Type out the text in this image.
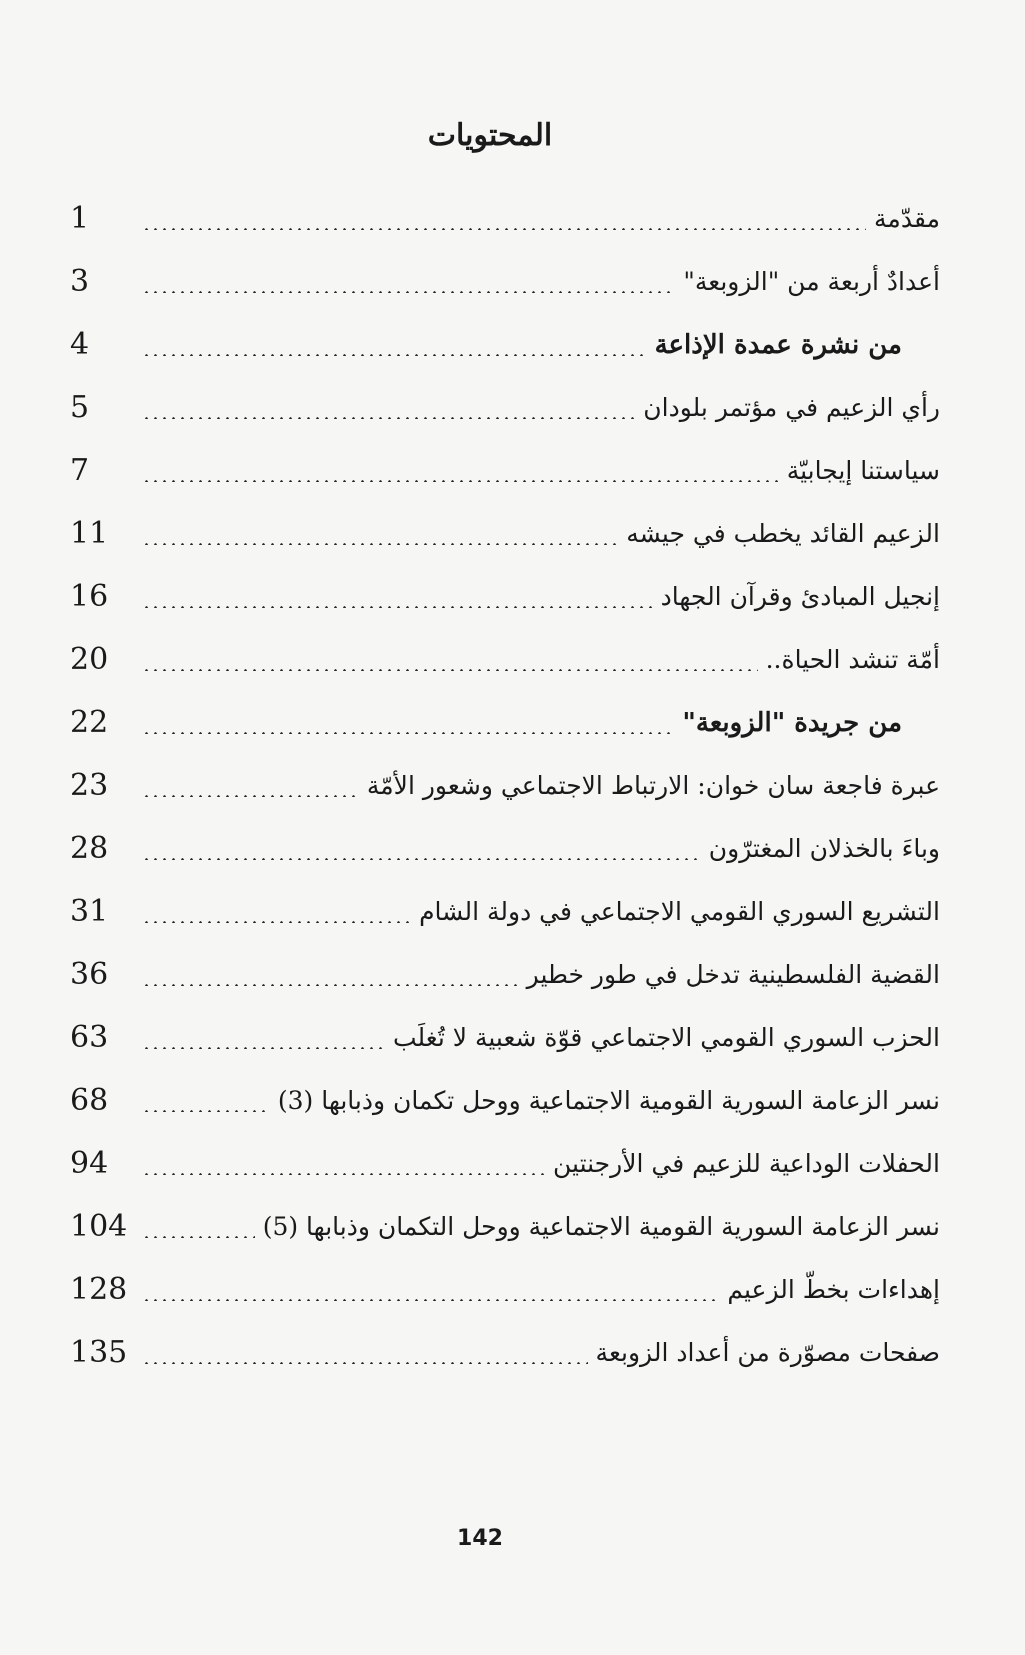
المحتويات
مقدّمة
1
أعدادٌ أربعة من "الزوبعة"
3
من نشرة عمدة الإذاعة
4
رأي الزعيم في مؤتمر بلودان
5
سياستنا إيجابيّة
7
الزعيم القائد يخطب في جيشه
11
إنجيل المبادئ وقرآن الجهاد
16
أمّة تنشد الحياة..
20
من جريدة "الزوبعة"
22
عبرة فاجعة سان خوان: الارتباط الاجتماعي وشعور الأمّة
23
وباءَ بالخذلان المغترّون
28
التشريع السوري القومي الاجتماعي في دولة الشام
31
القضية الفلسطينية تدخل في طور خطير
36
الحزب السوري القومي الاجتماعي قوّة شعبية لا تُغلَب
63
نسر الزعامة السورية القومية الاجتماعية ووحل تكمان وذبابها (3)
68
الحفلات الوداعية للزعيم في الأرجنتين
94
نسر الزعامة السورية القومية الاجتماعية ووحل التكمان وذبابها (5)
104
إهداءات بخطّ الزعيم
128
صفحات مصوّرة من أعداد الزوبعة
135
142
